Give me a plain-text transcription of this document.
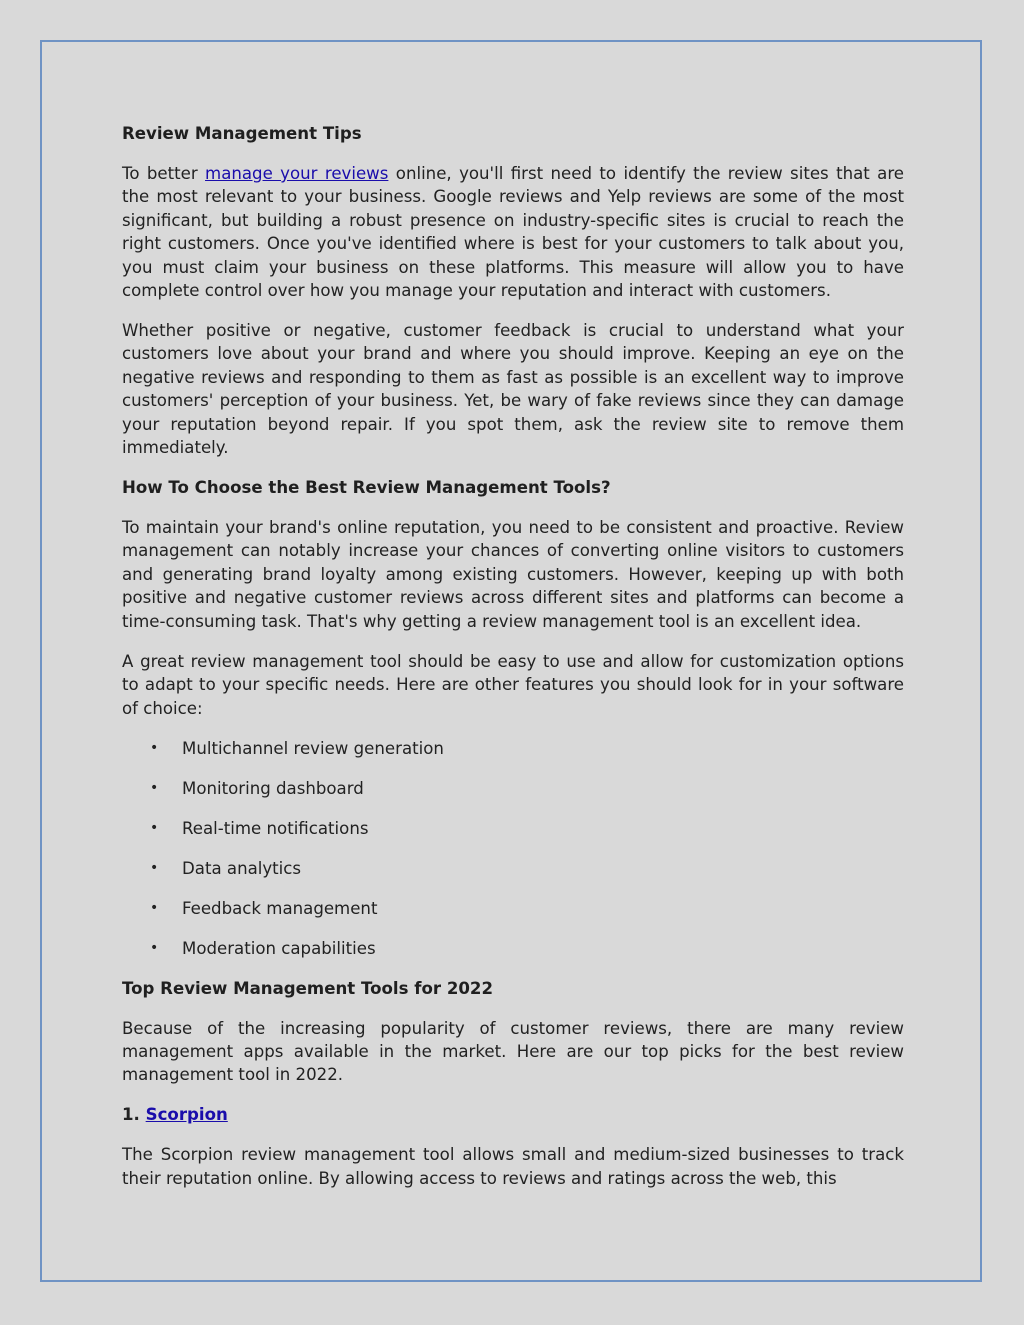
Review Management Tips

To better manage your reviews online, you'll first need to identify the review sites that are the most relevant to your business. Google reviews and Yelp reviews are some of the most significant, but building a robust presence on industry-specific sites is crucial to reach the right customers. Once you've identified where is best for your customers to talk about you, you must claim your business on these platforms. This measure will allow you to have complete control over how you manage your reputation and interact with customers.

Whether positive or negative, customer feedback is crucial to understand what your customers love about your brand and where you should improve. Keeping an eye on the negative reviews and responding to them as fast as possible is an excellent way to improve customers' perception of your business. Yet, be wary of fake reviews since they can damage your reputation beyond repair. If you spot them, ask the review site to remove them immediately.

How To Choose the Best Review Management Tools?

To maintain your brand's online reputation, you need to be consistent and proactive. Review management can notably increase your chances of converting online visitors to customers and generating brand loyalty among existing customers. However, keeping up with both positive and negative customer reviews across different sites and platforms can become a time-consuming task. That's why getting a review management tool is an excellent idea.

A great review management tool should be easy to use and allow for customization options to adapt to your specific needs. Here are other features you should look for in your software of choice:

• Multichannel review generation
• Monitoring dashboard
• Real-time notifications
• Data analytics
• Feedback management
• Moderation capabilities
Top Review Management Tools for 2022

Because of the increasing popularity of customer reviews, there are many review management apps available in the market. Here are our top picks for the best review management tool in 2022.

1. Scorpion

The Scorpion review management tool allows small and medium-sized businesses to track their reputation online. By allowing access to reviews and ratings across the web, this
